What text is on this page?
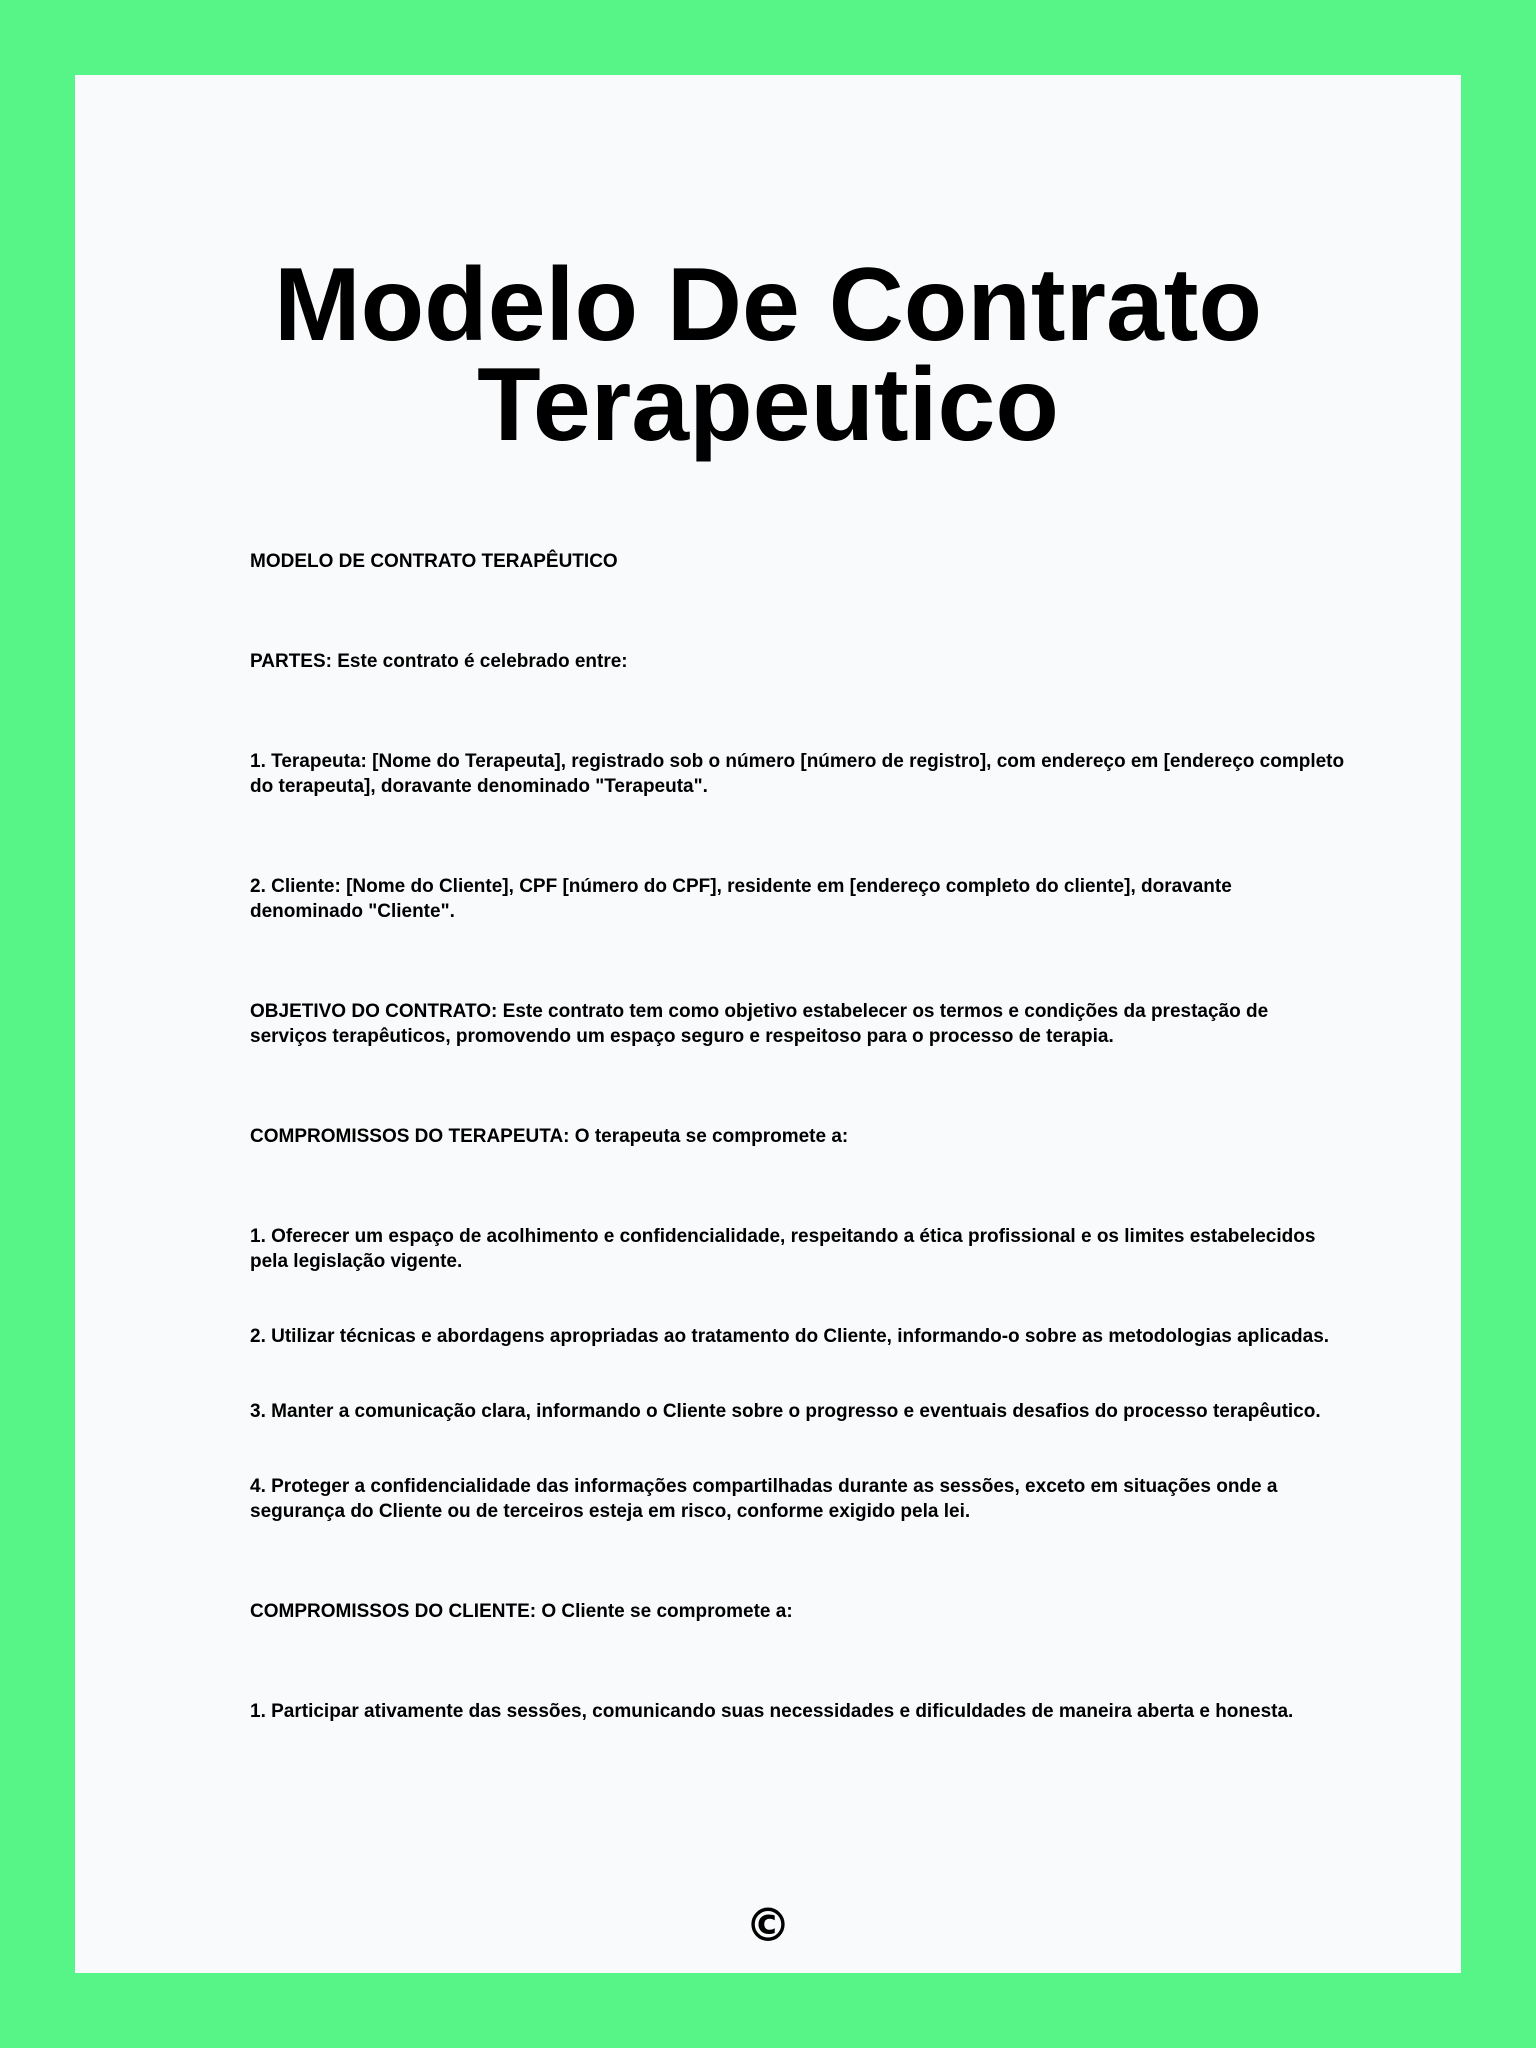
Modelo De Contrato
Terapeutico

MODELO DE CONTRATO TERAPÊUTICO

PARTES: Este contrato é celebrado entre:

1. Terapeuta: [Nome do Terapeuta], registrado sob o número [número de registro], com endereço em [endereço completo do terapeuta], doravante denominado "Terapeuta".

2. Cliente: [Nome do Cliente], CPF [número do CPF], residente em [endereço completo do cliente], doravante denominado "Cliente".

OBJETIVO DO CONTRATO: Este contrato tem como objetivo estabelecer os termos e condições da prestação de serviços terapêuticos, promovendo um espaço seguro e respeitoso para o processo de terapia.

COMPROMISSOS DO TERAPEUTA: O terapeuta se compromete a:

1. Oferecer um espaço de acolhimento e confidencialidade, respeitando a ética profissional e os limites estabelecidos pela legislação vigente.

2. Utilizar técnicas e abordagens apropriadas ao tratamento do Cliente, informando-o sobre as metodologias aplicadas.

3. Manter a comunicação clara, informando o Cliente sobre o progresso e eventuais desafios do processo terapêutico.

4. Proteger a confidencialidade das informações compartilhadas durante as sessões, exceto em situações onde a segurança do Cliente ou de terceiros esteja em risco, conforme exigido pela lei.

COMPROMISSOS DO CLIENTE: O Cliente se compromete a:

1. Participar ativamente das sessões, comunicando suas necessidades e dificuldades de maneira aberta e honesta.

©
